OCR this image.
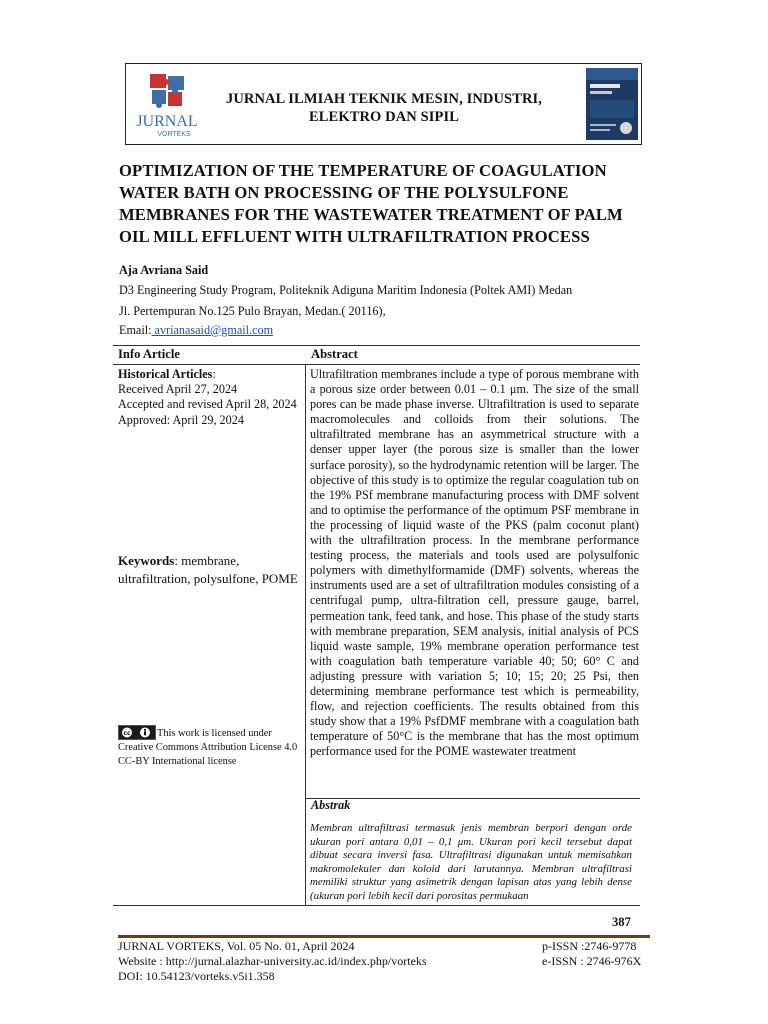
JURNAL
VORTEKS
JURNAL ILMIAH TEKNIK MESIN, INDUSTRI, ELEKTRO DAN SIPIL
OPTIMIZATION OF THE TEMPERATURE OF COAGULATION WATER BATH ON PROCESSING OF THE POLYSULFONE MEMBRANES FOR THE WASTEWATER TREATMENT OF PALM OIL MILL EFFLUENT WITH ULTRAFILTRATION PROCESS
Aja Avriana Said
D3 Engineering Study Program, Politeknik Adiguna Maritim Indonesia (Poltek AMI) Medan
Jl. Pertempuran No.125 Pulo Brayan, Medan.( 20116),
Email: avrianasaid@gmail.com
Info Article	Abstract
Historical Articles:
Received April 27, 2024
Accepted and revised April 28, 2024
Approved: April 29, 2024
Keywords: membrane, ultrafiltration, polysulfone, POME
cc	This work is licensed under Creative Commons Attribution License 4.0 CC-BY International license
Ultrafiltration membranes include a type of porous membrane with a porous size order between 0.01 – 0.1 μm. The size of the small pores can be made phase inverse. Ultrafiltration is used to separate macromolecules and colloids from their solutions. The ultrafiltrated membrane has an asymmetrical structure with a denser upper layer (the porous size is smaller than the lower surface porosity), so the hydrodynamic retention will be larger. The objective of this study is to optimize the regular coagulation tub on the 19% PSf membrane manufacturing process with DMF solvent and to optimise the performance of the optimum PSF membrane in the processing of liquid waste of the PKS (palm coconut plant) with the ultrafiltration process. In the membrane performance testing process, the materials and tools used are polysulfonic polymers with dimethylformamide (DMF) solvents, whereas the instruments used are a set of ultrafiltration modules consisting of a centrifugal pump, ultra-filtration cell, pressure gauge, barrel, permeation tank, feed tank, and hose. This phase of the study starts with membrane preparation, SEM analysis, initial analysis of PCS liquid waste sample, 19% membrane operation performance test with coagulation bath temperature variable 40; 50; 60° C and adjusting pressure with variation 5; 10; 15; 20; 25 Psi, then determining membrane performance test which is permeability, flow, and rejection coefficients. The results obtained from this study show that a 19% PsfDMF membrane with a coagulation bath temperature of 50°C is the membrane that has the most optimum performance used for the POME wastewater treatment
Abstrak
Membran ultrafiltrasi termasuk jenis membran berpori dengan orde ukuran pori antara 0,01 – 0,1 μm. Ukuran pori kecil tersebut dapat dibuat secara inversi fasa. Ultrafiltrasi digunakan untuk memisahkan makromolekuler dan koloid dari larutannya. Membran ultrafiltrasi memiliki struktur yang asimetrik dengan lapisan atas yang lebih dense (ukuran pori lebih kecil dari porositas permukaan
387
JURNAL VORTEKS, Vol. 05 No. 01, April 2024
Website : http://jurnal.alazhar-university.ac.id/index.php/vorteks
DOI: 10.54123/vorteks.v5i1.358
p-ISSN :2746-9778
e-ISSN : 2746-976X
